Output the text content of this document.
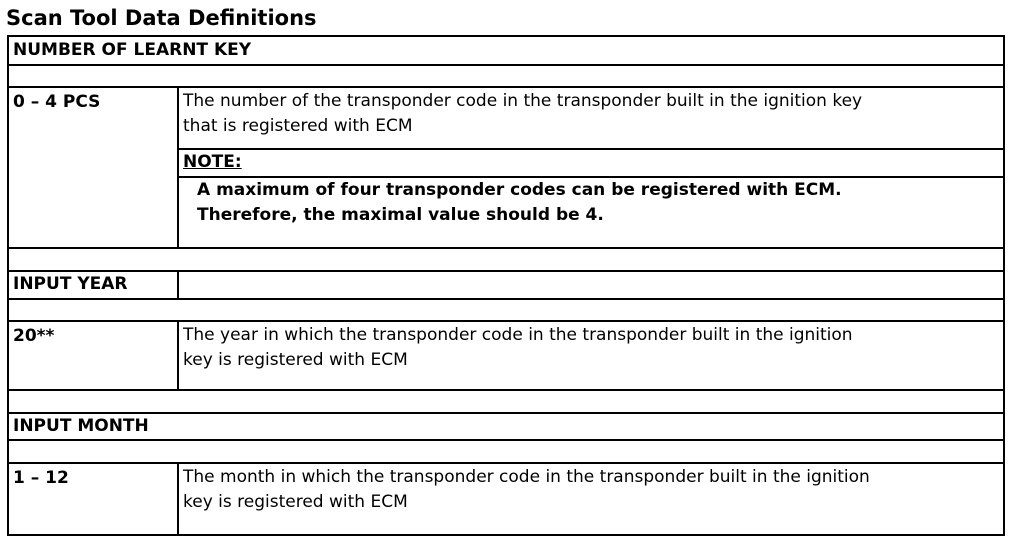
Scan Tool Data Definitions
NUMBER OF LEARNT KEY	

0 – 4 PCS	The number of the transponder code in the transponder built in the ignition key
that is registered with ECM

	NOTE:

	A maximum of four transponder codes can be registered with ECM.
Therefore, the maximal value should be 4.

INPUT YEAR	

20**	The year in which the transponder code in the transponder built in the ignition
key is registered with ECM

INPUT MONTH	

1 – 12	The month in which the transponder code in the transponder built in the ignition
key is registered with ECM
